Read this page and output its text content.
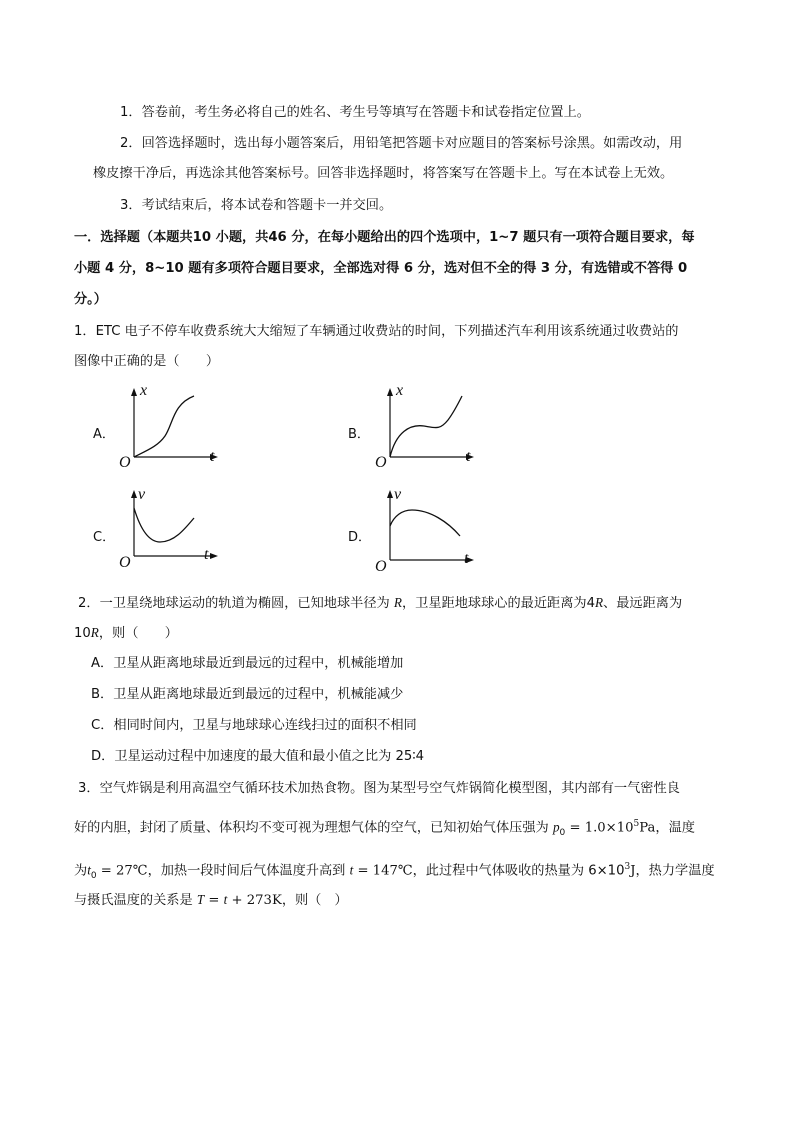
1．答卷前，考生务必将自己的姓名、考生号等填写在答题卡和试卷指定位置上。
2．回答选择题时，选出每小题答案后，用铅笔把答题卡对应题目的答案标号涂黑。如需改动，用
橡皮擦干净后，再选涂其他答案标号。回答非选择题时，将答案写在答题卡上。写在本试卷上无效。
3．考试结束后，将本试卷和答题卡一并交回。
一．选择题（本题共10 小题，共46 分，在每小题给出的四个选项中，1~7 题只有一项符合题目要求，每
小题 4 分，8~10 题有多项符合题目要求，全部选对得 6 分，选对但不全的得 3 分，有选错或不答得 0
分。）
1．ETC 电子不停车收费系统大大缩短了车辆通过收费站的时间，下列描述汽车利用该系统通过收费站的
图像中正确的是（　　）
A．
x
t
O
B．
x
t
O
C．
v
t
O
D．
v
t
O
2．一卫星绕地球运动的轨道为椭圆，已知地球半径为 R，卫星距地球球心的最近距离为4R、最远距离为
10R，则（　　）
A．卫星从距离地球最近到最远的过程中，机械能增加
B．卫星从距离地球最近到最远的过程中，机械能减少
C．相同时间内，卫星与地球球心连线扫过的面积不相同
D．卫星运动过程中加速度的最大值和最小值之比为 25∶4
3．空气炸锅是利用高温空气循环技术加热食物。图为某型号空气炸锅简化模型图，其内部有一气密性良
好的内胆，封闭了质量、体积均不变可视为理想气体的空气，已知初始气体压强为 $p_0 = 1.0\times 10^5Pa$，温度
为$t_0$ = 27℃，加热一段时间后气体温度升高到 t = 147℃，此过程中气体吸收的热量为 $6\times 10^3J$，热力学温度
与摄氏温度的关系是 T = t + 273K，则（　）
